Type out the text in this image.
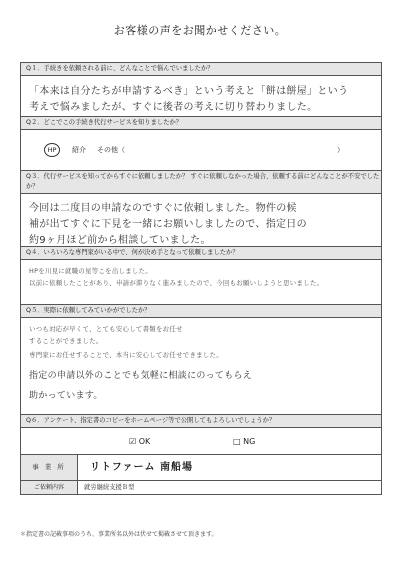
お客様の声をお聞かせください。
Q１．手続きを依頼される前に、どんなことで悩んでいましたか？
「本来は自分たちが申請するべき」という考えと「餅は餅屋」という
考えで悩みましたが、すぐに後者の考えに切り替わりました。
Q２．どこでこの手続き代行サービスを知りましたか？
HP	紹介 その他（	）
Q３．代行サービスを知ってからすぐに依頼しましたか？ すぐに依頼しなかった場合、依頼する前にどんなことが不安でしたか？
今回は二度目の申請なのですぐに依頼しました。物件の候
補が出てすぐに下見を一緒にお願いしましたので、指定日の
約9ヶ月ほど前から相談していました。
Q４．いろいろな専門家がいる中で、何が決め手となって依頼しましたか？
HPを川見に就職の星等こを出しました。
以前に依頼したことがあり、申請が滞りなく進みましたので、今回もお願いしようと思いました。
Q５．実際に依頼してみていかがでしたか？
いつも対応が早くて、とても安心して書類をお任せ
することができました。
専門家にお任せすることで、本当に安心してお任せできました。
指定の申請以外のことでも気軽に相談にのってもらえ
助かっています。
Q６．アンケート、指定書のコピーをホームページ等で公開してもよろしいでしょうか？
☑ OK	□ NG
事 業 所	リトファーム 南船場
ご依頼内容	就労継続支援Ｂ型
＊指定書の記載事項のうち、事業所名以外は伏せて掲載させて頂きます。
